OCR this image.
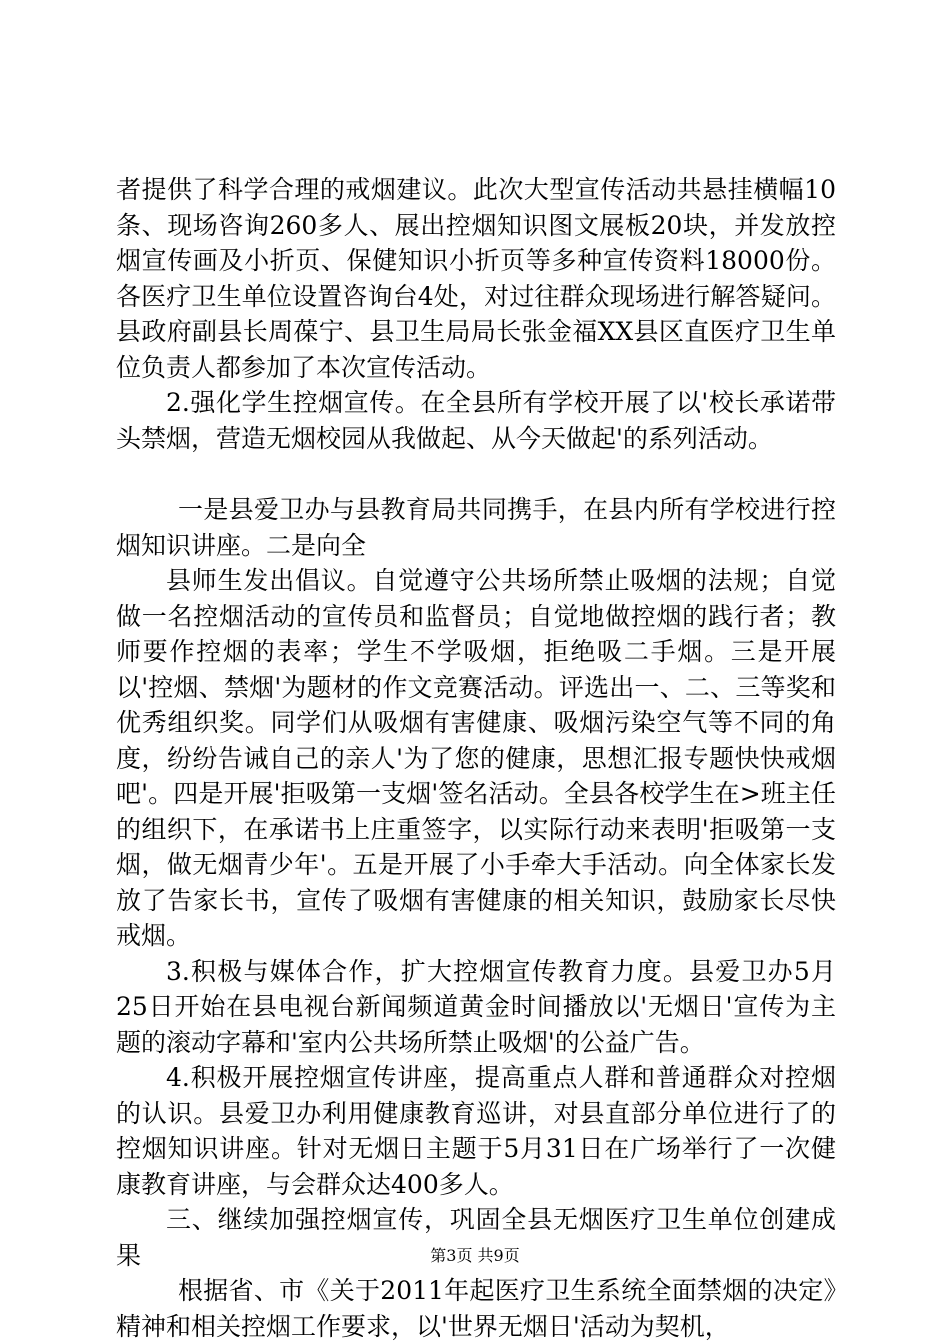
者提供了科学合理的戒烟建议。此次大型宣传活动共悬挂横幅10条、现场咨询260多人、展出控烟知识图文展板20块，并发放控烟宣传画及小折页、保健知识小折页等多种宣传资料18000份。各医疗卫生单位设置咨询台4处，对过往群众现场进行解答疑问。县政府副县长周葆宁、县卫生局局长张金福XX县区直医疗卫生单位负责人都参加了本次宣传活动。

2.强化学生控烟宣传。在全县所有学校开展了以'校长承诺带头禁烟，营造无烟校园从我做起、从今天做起'的系列活动。

一是县爱卫办与县教育局共同携手，在县内所有学校进行控烟知识讲座。二是向全

县师生发出倡议。自觉遵守公共场所禁止吸烟的法规；自觉做一名控烟活动的宣传员和监督员；自觉地做控烟的践行者；教师要作控烟的表率；学生不学吸烟，拒绝吸二手烟。三是开展以'控烟、禁烟'为题材的作文竞赛活动。评选出一、二、三等奖和优秀组织奖。同学们从吸烟有害健康、吸烟污染空气等不同的角度，纷纷告诫自己的亲人'为了您的健康，思想汇报专题快快戒烟吧'。四是开展'拒吸第一支烟'签名活动。全县各校学生在>班主任的组织下，在承诺书上庄重签字，以实际行动来表明'拒吸第一支烟，做无烟青少年'。五是开展了小手牵大手活动。向全体家长发放了告家长书，宣传了吸烟有害健康的相关知识，鼓励家长尽快戒烟。

3.积极与媒体合作，扩大控烟宣传教育力度。县爱卫办5月25日开始在县电视台新闻频道黄金时间播放以'无烟日'宣传为主题的滚动字幕和'室内公共场所禁止吸烟'的公益广告。

4.积极开展控烟宣传讲座，提高重点人群和普通群众对控烟的认识。县爱卫办利用健康教育巡讲，对县直部分单位进行了的控烟知识讲座。针对无烟日主题于5月31日在广场举行了一次健康教育讲座，与会群众达400多人。

三、继续加强控烟宣传，巩固全县无烟医疗卫生单位创建成果

根据省、市《关于2011年起医疗卫生系统全面禁烟的决定》精神和相关控烟工作要求，以'世界无烟日'活动为契机，

第3页 共9页
